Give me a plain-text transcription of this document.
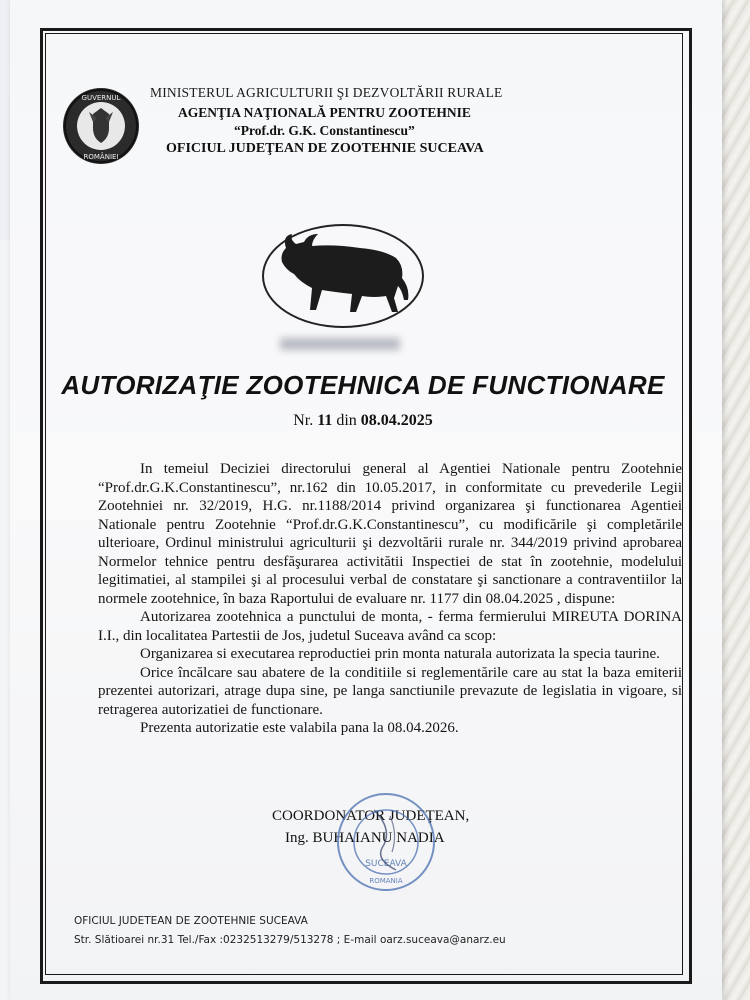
GUVERNUL
ROMÂNIEI
MINISTERUL AGRICULTURII ŞI DEZVOLTĂRII RURALE
AGENŢIA NAŢIONALĂ PENTRU ZOOTEHNIE
“Prof.dr. G.K. Constantinescu”
OFICIUL JUDEŢEAN DE ZOOTEHNIE SUCEAVA
AUTORIZAŢIE ZOOTEHNICA DE FUNCTIONARE
Nr. 11 din 08.04.2025

In temeiul Deciziei directorului general al Agentiei Nationale pentru Zootehnie “Prof.dr.G.K.Constantinescu”, nr.162 din 10.05.2017, in conformitate cu prevederile Legii Zootehniei nr. 32/2019, H.G. nr.1188/2014 privind organizarea şi functionarea Agentiei Nationale pentru Zootehnie “Prof.dr.G.K.Constantinescu”, cu modificările şi completările ulterioare, Ordinul ministrului agriculturii şi dezvoltării rurale nr. 344/2019 privind aprobarea Normelor tehnice pentru desfăşurarea activitătii Inspectiei de stat în zootehnie, modelului legitimatiei, al stampilei şi al procesului verbal de constatare şi sanctionare a contraventiilor la normele zootehnice, în baza Raportului de evaluare nr. 1177 din 08.04.2025 , dispune:

Autorizarea zootehnica a punctului de monta, - ferma fermierului MIREUTA DORINA I.I., din localitatea Partestii de Jos, judetul Suceava având ca scop:

Organizarea si executarea reproductiei prin monta naturala autorizata la specia taurine.

Orice încălcare sau abatere de la conditiile si reglementările care au stat la baza emiterii prezentei autorizari, atrage dupa sine, pe langa sanctiunile prevazute de legislatia in vigoare, si retragerea autorizatiei de functionare.

Prezenta autorizatie este valabila pana la 08.04.2026.

COORDONATOR JUDEŢEAN,
Ing. BUHAIANU NADIA
SUCEAVA
ROMANIA
OFICIUL JUDETEAN DE ZOOTEHNIE SUCEAVA
Str. Slătioarei nr.31 Tel./Fax :0232513279/513278 ; E-mail oarz.suceava@anarz.eu
